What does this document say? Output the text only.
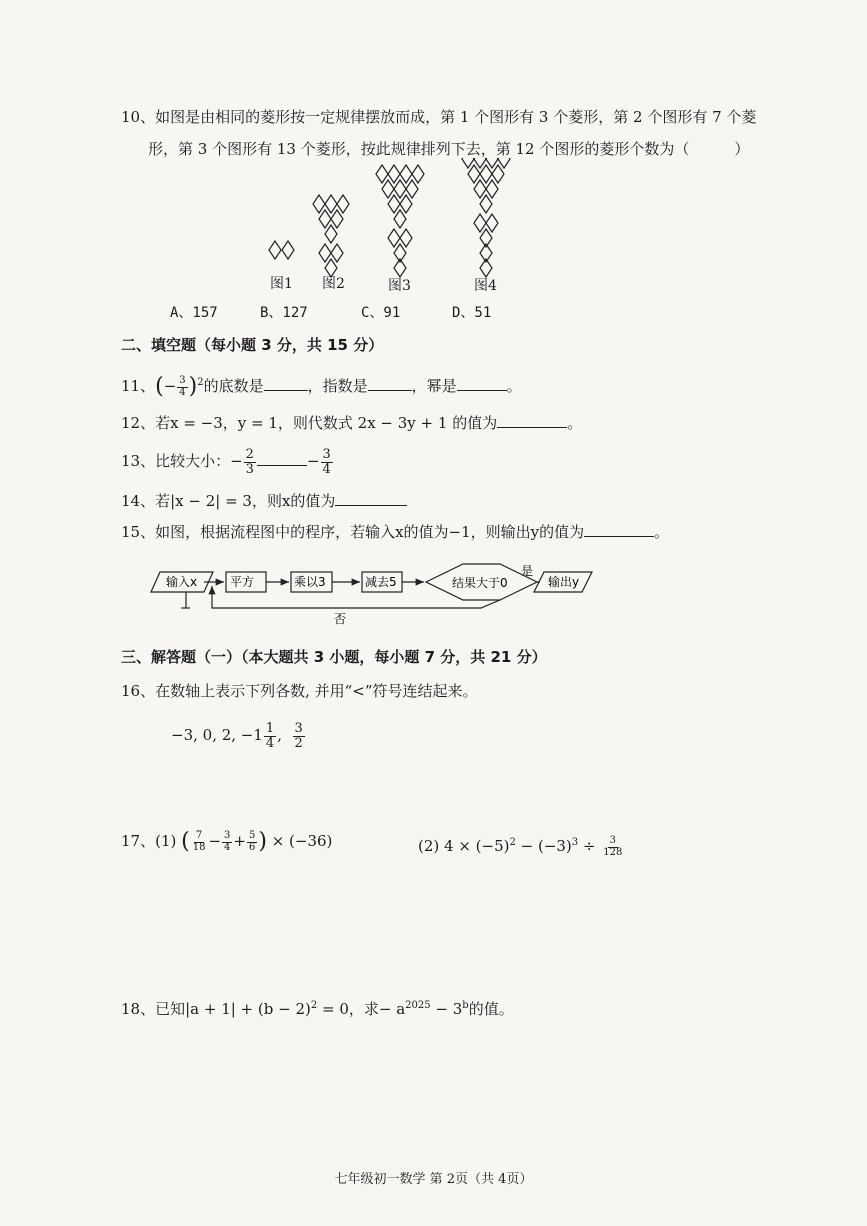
10、如图是由相同的菱形按一定规律摆放而成，第 1 个图形有 3 个菱形，第 2 个图形有 7 个菱
形，第 3 个图形有 13 个菱形，按此规律排列下去，第 12 个图形的菱形个数为（　　　）
图1 图2	图3	图4
A、157	B、127	C、91	D、51
二、填空题（每小题 3 分，共 15 分）
11、(− $\frac{3}{4} )^2$的底数是	，指数是	，幂是	。
12、若x = −3，y = 1，则代数式 2x − 3y + 1 的值为	。
13、比较大小：− $\frac{2}{3}$	− $\frac{3}{4}$
14、若|x − 2| = 3，则x的值为
15、如图，根据流程图中的程序，若输入x的值为−1，则输出y的值为	。
输入x	平方	乘以3	减去5	结果大于0
是
输出y
否
三、解答题（一）（本大题共 3 小题，每小题 7 分，共 21 分）
16、在数轴上表示下列各数, 并用“<”符号连结起来。
−3, 0, 2, $-1 \frac{1}{4}$ , $\frac{3}{2}$
17、(1) ( $\frac{7}{18} - \frac{3}{4} + \frac{5}{6}$ ) × (−36)	(2) $4 \times (-5)^2 - (-3)^3 \div \frac{3}{128}$
18、已知$|a + 1| + (b - 2)^2 = 0$，求− $a^{2025} - 3^b$的值。
七年级初一数学 第 2页（共 4页）
